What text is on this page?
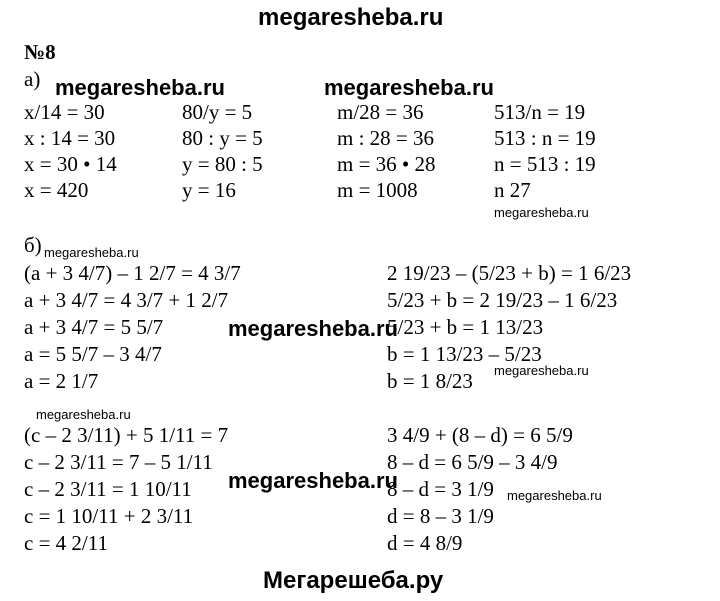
megaresheba.ru
№8
а)
x/14 = 30
x : 14 = 30
x = 30 • 14
x = 420
80/y = 5
80 : y = 5
y = 80 : 5
y = 16
m/28 = 36
m : 28 = 36
m = 36 • 28
m = 1008
513/n = 19
513 : n = 19
n = 513 : 19
n 27
б)
(a + 3 4/7) – 1 2/7 = 4 3/7
a + 3 4/7 = 4 3/7 + 1 2/7
a + 3 4/7 = 5 5/7
a = 5 5/7 – 3 4/7
a = 2 1/7
2 19/23 – (5/23 + b) = 1 6/23
5/23 + b = 2 19/23 – 1 6/23
5/23 + b = 1 13/23
b = 1 13/23 – 5/23
b = 1 8/23
(c – 2 3/11) + 5 1/11 = 7
c – 2 3/11 = 7 – 5 1/11
c – 2 3/11 = 1 10/11
c = 1 10/11 + 2 3/11
c = 4 2/11
3 4/9 + (8 – d) = 6 5/9
8 – d = 6 5/9 – 3 4/9
8 – d = 3 1/9
d = 8 – 3 1/9
d = 4 8/9
megaresheba.ru	megaresheba.ru
megaresheba.ru
megaresheba.ru
megaresheba.ru
megaresheba.ru
megaresheba.ru
megaresheba.ru
megaresheba.ru
Мегарешеба.ру
